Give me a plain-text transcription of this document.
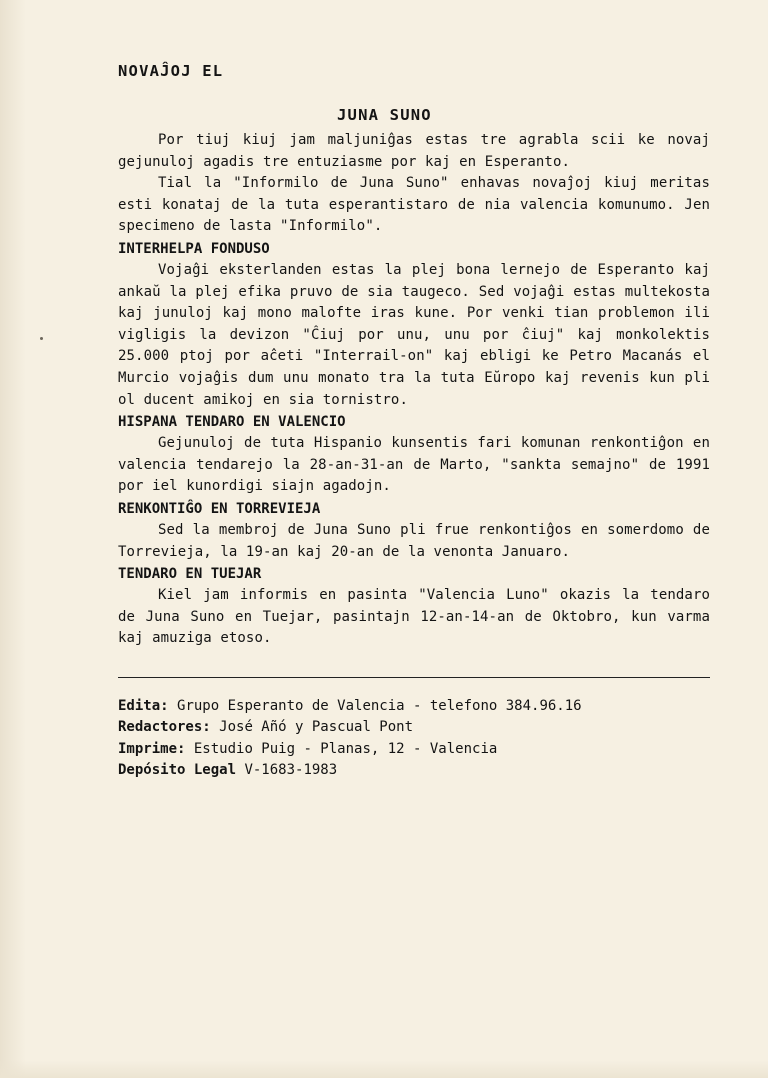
NOVAĴOJ EL
JUNA SUNO

Por tiuj kiuj jam maljuniĝas estas tre agrabla scii ke novaj gejunuloj agadis tre entuziasme por kaj en Esperanto.

Tial la "Informilo de Juna Suno" enhavas novaĵoj kiuj meritas esti konataj de la tuta esperantistaro de nia valencia komunumo. Jen specimeno de lasta "Informilo".

INTERHELPA FONDUSO

Vojaĝi eksterlanden estas la plej bona lernejo de Esperanto kaj ankaŭ la plej efika pruvo de sia taugeco. Sed vojaĝi estas multekosta kaj junuloj kaj mono malofte iras kune. Por venki tian problemon ili vigligis la devizon "Ĉiuj por unu, unu por ĉiuj" kaj monkolektis 25.000 ptoj por aĉeti "Interrail-on" kaj ebligi ke Petro Macanás el Murcio vojaĝis dum unu monato tra la tuta Eŭropo kaj revenis kun pli ol ducent amikoj en sia tornistro.

HISPANA TENDARO EN VALENCIO

Gejunuloj de tuta Hispanio kunsentis fari komunan renkontiĝon en valencia tendarejo la 28-an-31-an de Marto, "sankta semajno" de 1991 por iel kunordigi siajn agadojn.

RENKONTIĜO EN TORREVIEJA

Sed la membroj de Juna Suno pli frue renkontiĝos en somerdomo de Torrevieja, la 19-an kaj 20-an de la venonta Januaro.

TENDARO EN TUEJAR

Kiel jam informis en pasinta "Valencia Luno" okazis la tendaro de Juna Suno en Tuejar, pasintajn 12-an-14-an de Oktobro, kun varma kaj amuziga etoso.

Edita: Grupo Esperanto de Valencia - telefono 384.96.16
Redactores: José Añó y Pascual Pont
Imprime: Estudio Puig - Planas, 12 - Valencia
Depósito Legal V-1683-1983
